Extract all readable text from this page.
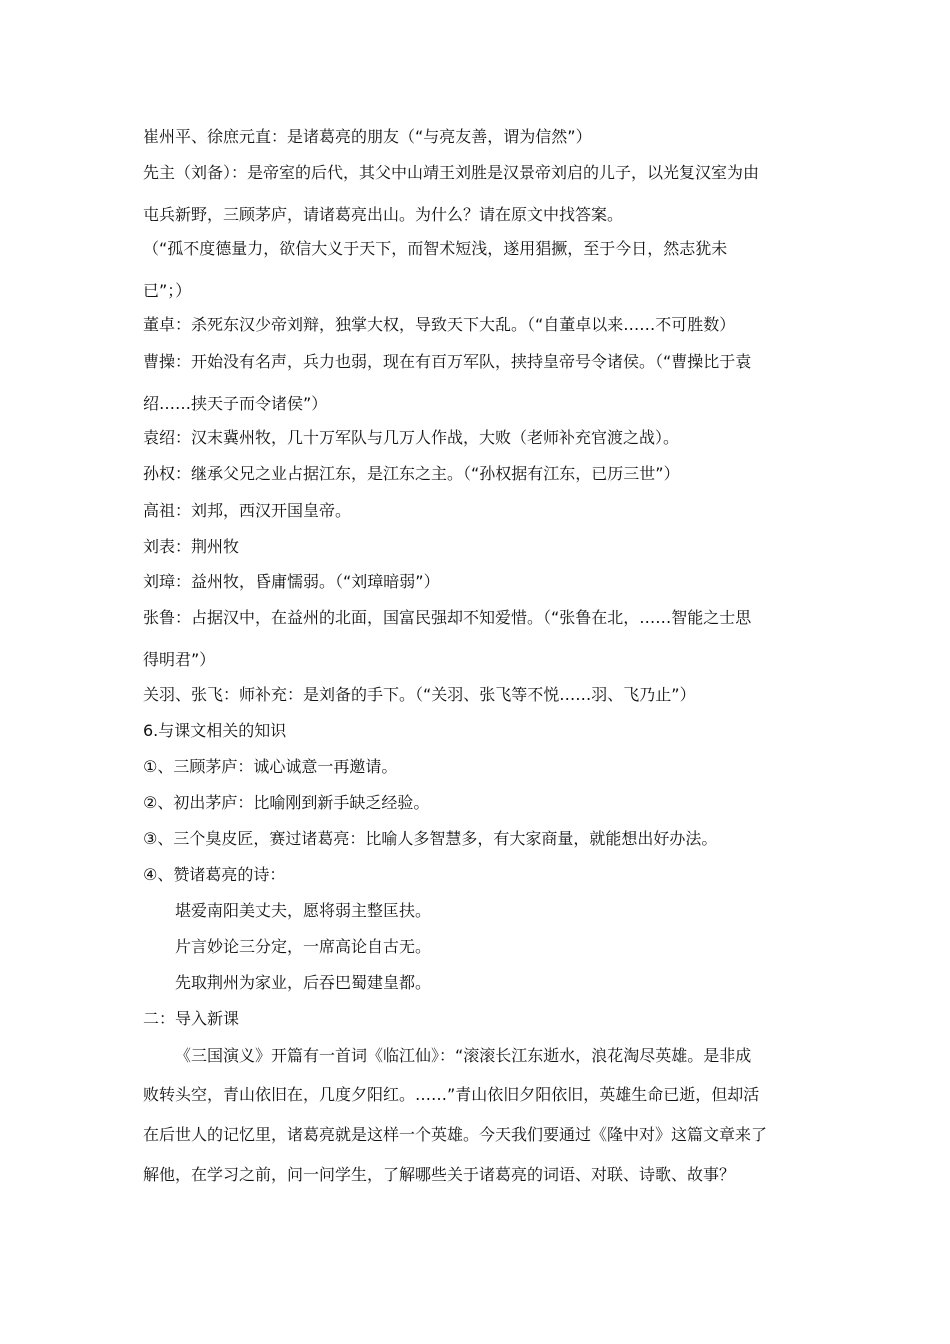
崔州平、徐庶元直：是诸葛亮的朋友（“与亮友善，谓为信然”）
先主（刘备）：是帝室的后代，其父中山靖王刘胜是汉景帝刘启的儿子，以光复汉室为由
屯兵新野，三顾茅庐，请诸葛亮出山。为什么？请在原文中找答案。
（“孤不度德量力，欲信大义于天下，而智术短浅，遂用猖撅，至于今日，然志犹未
已”；）
董卓：杀死东汉少帝刘辩，独掌大权，导致天下大乱。（“自董卓以来……不可胜数）
曹操：开始没有名声，兵力也弱，现在有百万军队，挟持皇帝号令诸侯。（“曹操比于袁
绍……挟天子而令诸侯”）
袁绍：汉末冀州牧，几十万军队与几万人作战，大败（老师补充官渡之战）。
孙权：继承父兄之业占据江东，是江东之主。（“孙权据有江东，已历三世”）
高祖：刘邦，西汉开国皇帝。
刘表：荆州牧
刘璋：益州牧，昏庸懦弱。（“刘璋暗弱”）
张鲁：占据汉中，在益州的北面，国富民强却不知爱惜。（“张鲁在北，……智能之士思
得明君”）
关羽、张飞：师补充：是刘备的手下。（“关羽、张飞等不悦……羽、飞乃止”）
6.与课文相关的知识
①、三顾茅庐：诚心诚意一再邀请。
②、初出茅庐：比喻刚到新手缺乏经验。
③、三个臭皮匠，赛过诸葛亮：比喻人多智慧多，有大家商量，就能想出好办法。
④、赞诸葛亮的诗：
堪爱南阳美丈夫，愿将弱主整匡扶。
片言妙论三分定，一席高论自古无。
先取荆州为家业，后吞巴蜀建皇都。
二：导入新课
《三国演义》开篇有一首词《临江仙》：“滚滚长江东逝水，浪花淘尽英雄。是非成
败转头空，青山依旧在，几度夕阳红。……”青山依旧夕阳依旧，英雄生命已逝，但却活
在后世人的记忆里，诸葛亮就是这样一个英雄。今天我们要通过《隆中对》这篇文章来了
解他，在学习之前，问一问学生，了解哪些关于诸葛亮的词语、对联、诗歌、故事？
